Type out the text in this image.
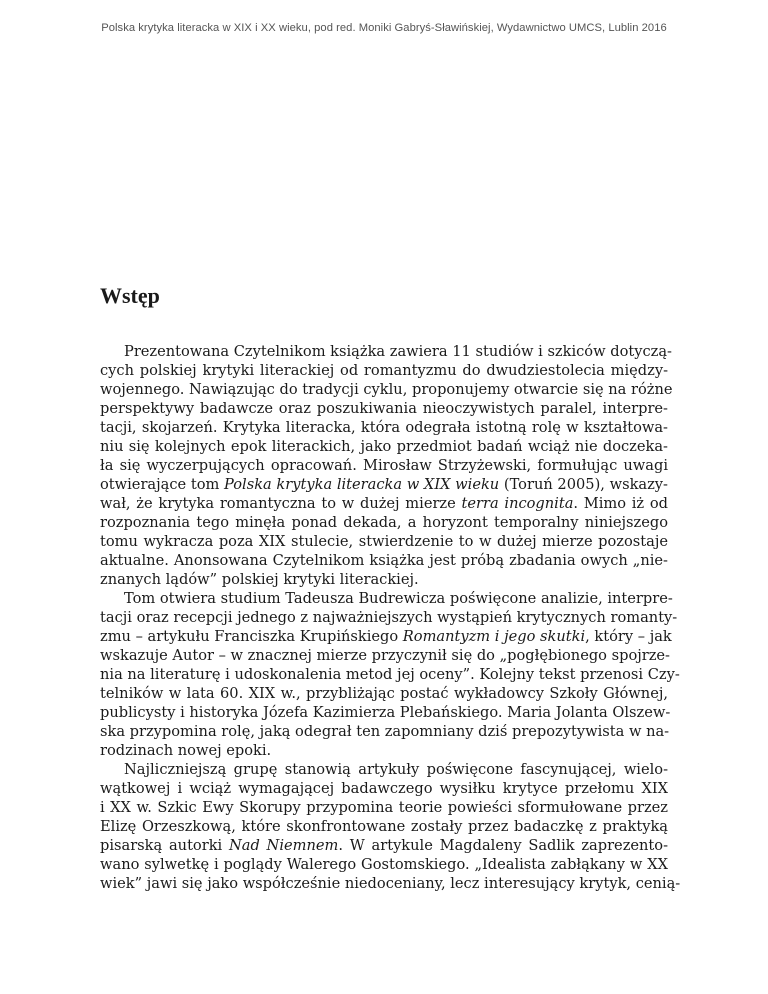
Polska krytyka literacka w XIX i XX wieku, pod red. Moniki Gabryś-Sławińskiej, Wydawnictwo UMCS, Lublin 2016
Wstęp
Prezentowana Czytelnikom książka zawiera 11 studiów i szkiców dotyczą-
cych polskiej krytyki literackiej od romantyzmu do dwudziestolecia między-
wojennego. Nawiązując do tradycji cyklu, proponujemy otwarcie się na różne
perspektywy badawcze oraz poszukiwania nieoczywistych paralel, interpre-
tacji, skojarzeń. Krytyka literacka, która odegrała istotną rolę w kształtowa-
niu się kolejnych epok literackich, jako przedmiot badań wciąż nie doczeka-
ła się wyczerpujących opracowań. Mirosław Strzyżewski, formułując uwagi
otwierające tom Polska krytyka literacka w XIX wieku (Toruń 2005), wskazy-
wał, że krytyka romantyczna to w dużej mierze terra incognita. Mimo iż od
rozpoznania tego minęła ponad dekada, a horyzont temporalny niniejszego
tomu wykracza poza XIX stulecie, stwierdzenie to w dużej mierze pozostaje
aktualne. Anonsowana Czytelnikom książka jest próbą zbadania owych „nie-
znanych lądów” polskiej krytyki literackiej.
Tom otwiera studium Tadeusza Budrewicza poświęcone analizie, interpre-
tacji oraz recepcji jednego z najważniejszych wystąpień krytycznych romanty-
zmu – artykułu Franciszka Krupińskiego Romantyzm i jego skutki, który – jak
wskazuje Autor – w znacznej mierze przyczynił się do „pogłębionego spojrze-
nia na literaturę i udoskonalenia metod jej oceny”. Kolejny tekst przenosi Czy-
telników w lata 60. XIX w., przybliżając postać wykładowcy Szkoły Głównej,
publicysty i historyka Józefa Kazimierza Plebańskiego. Maria Jolanta Olszew-
ska przypomina rolę, jaką odegrał ten zapomniany dziś prepozytywista w na-
rodzinach nowej epoki.
Najliczniejszą grupę stanowią artykuły poświęcone fascynującej, wielo-
wątkowej i wciąż wymagającej badawczego wysiłku krytyce przełomu XIX
i XX w. Szkic Ewy Skorupy przypomina teorie powieści sformułowane przez
Elizę Orzeszkową, które skonfrontowane zostały przez badaczkę z praktyką
pisarską autorki Nad Niemnem. W artykule Magdaleny Sadlik zaprezento-
wano sylwetkę i poglądy Walerego Gostomskiego. „Idealista zabłąkany w XX
wiek” jawi się jako współcześnie niedoceniany, lecz interesujący krytyk, cenią-
